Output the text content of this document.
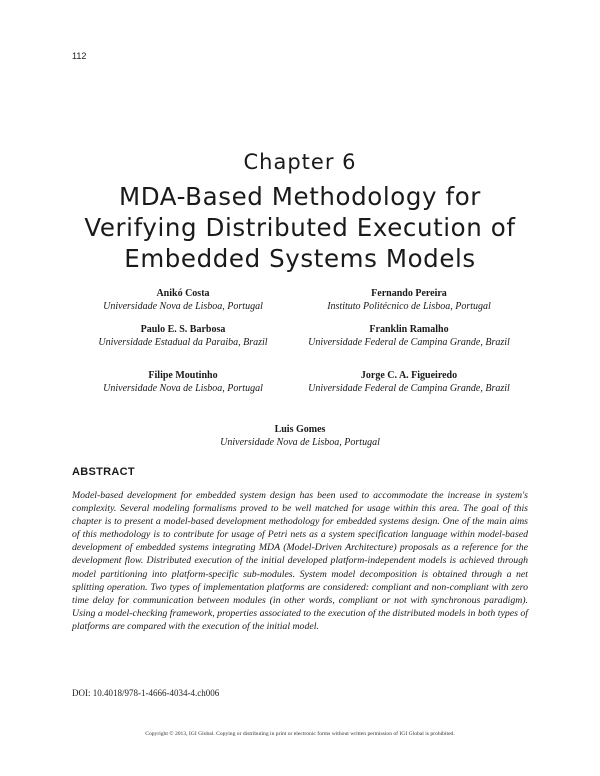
112
Chapter 6
MDA-Based Methodology for Verifying Distributed Execution of Embedded Systems Models
Anikó Costa
Universidade Nova de Lisboa, Portugal
Fernando Pereira
Instituto Politécnico de Lisboa, Portugal
Paulo E. S. Barbosa
Universidade Estadual da Paraiba, Brazil
Franklin Ramalho
Universidade Federal de Campina Grande, Brazil
Filipe Moutinho
Universidade Nova de Lisboa, Portugal
Jorge C. A. Figueiredo
Universidade Federal de Campina Grande, Brazil
Luis Gomes
Universidade Nova de Lisboa, Portugal
ABSTRACT

Model-based development for embedded system design has been used to accommodate the increase in system's complexity. Several modeling formalisms proved to be well matched for usage within this area. The goal of this chapter is to present a model-based development methodology for embedded systems design. One of the main aims of this methodology is to contribute for usage of Petri nets as a system specification language within model-based development of embedded systems integrating MDA (Model-Driven Architecture) proposals as a reference for the development flow. Distributed execution of the initial developed platform-independent models is achieved through model partitioning into platform-specific sub-modules. System model decomposition is obtained through a net splitting operation. Two types of implementation platforms are considered: compliant and non-compliant with zero time delay for communication between modules (in other words, compliant or not with synchronous paradigm). Using a model-checking framework, properties associated to the execution of the distributed models in both types of platforms are compared with the execution of the initial model.

DOI: 10.4018/978-1-4666-4034-4.ch006
Copyright © 2013, IGI Global. Copying or distributing in print or electronic forms without written permission of IGI Global is prohibited.
